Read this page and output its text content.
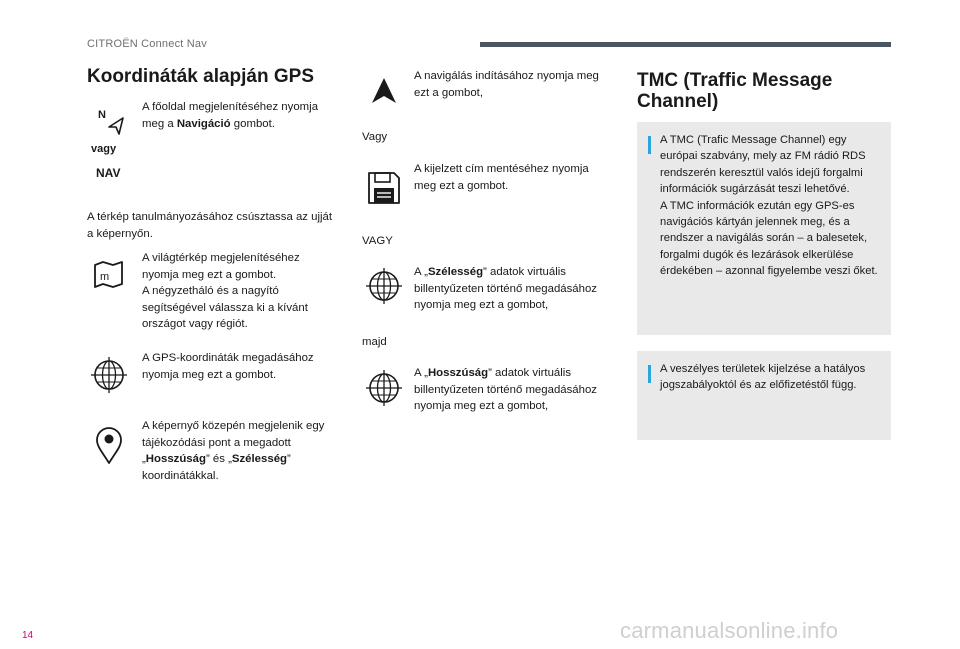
CITROËN Connect Nav
Koordináták alapján GPS
N
A főoldal megjelenítéséhez nyomja meg a Navigáció gombot.
vagy
NAV
A térkép tanulmányozásához csúsztassa az ujját a képernyőn.
m
A világtérkép megjelenítéséhez nyomja meg ezt a gombot.
A négyzetháló és a nagyító segítségével válassza ki a kívánt országot vagy régiót.
A GPS-koordináták megadásához nyomja meg ezt a gombot.
A képernyő közepén megjelenik egy tájékozódási pont a megadott „Hosszúság” és „Szélesség” koordinátákkal.
A navigálás indításához nyomja meg ezt a gombot,
Vagy
A kijelzett cím mentéséhez nyomja meg ezt a gombot.
VAGY
A „Szélesség” adatok virtuális billentyűzeten történő megadásához nyomja meg ezt a gombot,
majd
A „Hosszúság” adatok virtuális billentyűzeten történő megadásához nyomja meg ezt a gombot,
TMC (Traffic Message
Channel)
A TMC (Trafic Message Channel) egy európai szabvány, mely az FM rádió RDS rendszerén keresztül valós idejű forgalmi információk sugárzását teszi lehetővé.
A TMC információk ezután egy GPS-es navigációs kártyán jelennek meg, és a rendszer a navigálás során – a balesetek, forgalmi dugók és lezárások elkerülése érdekében – azonnal figyelembe veszi őket.
A veszélyes területek kijelzése a hatályos jogszabályoktól és az előfizetéstől függ.
14	carmanualsonline.info
